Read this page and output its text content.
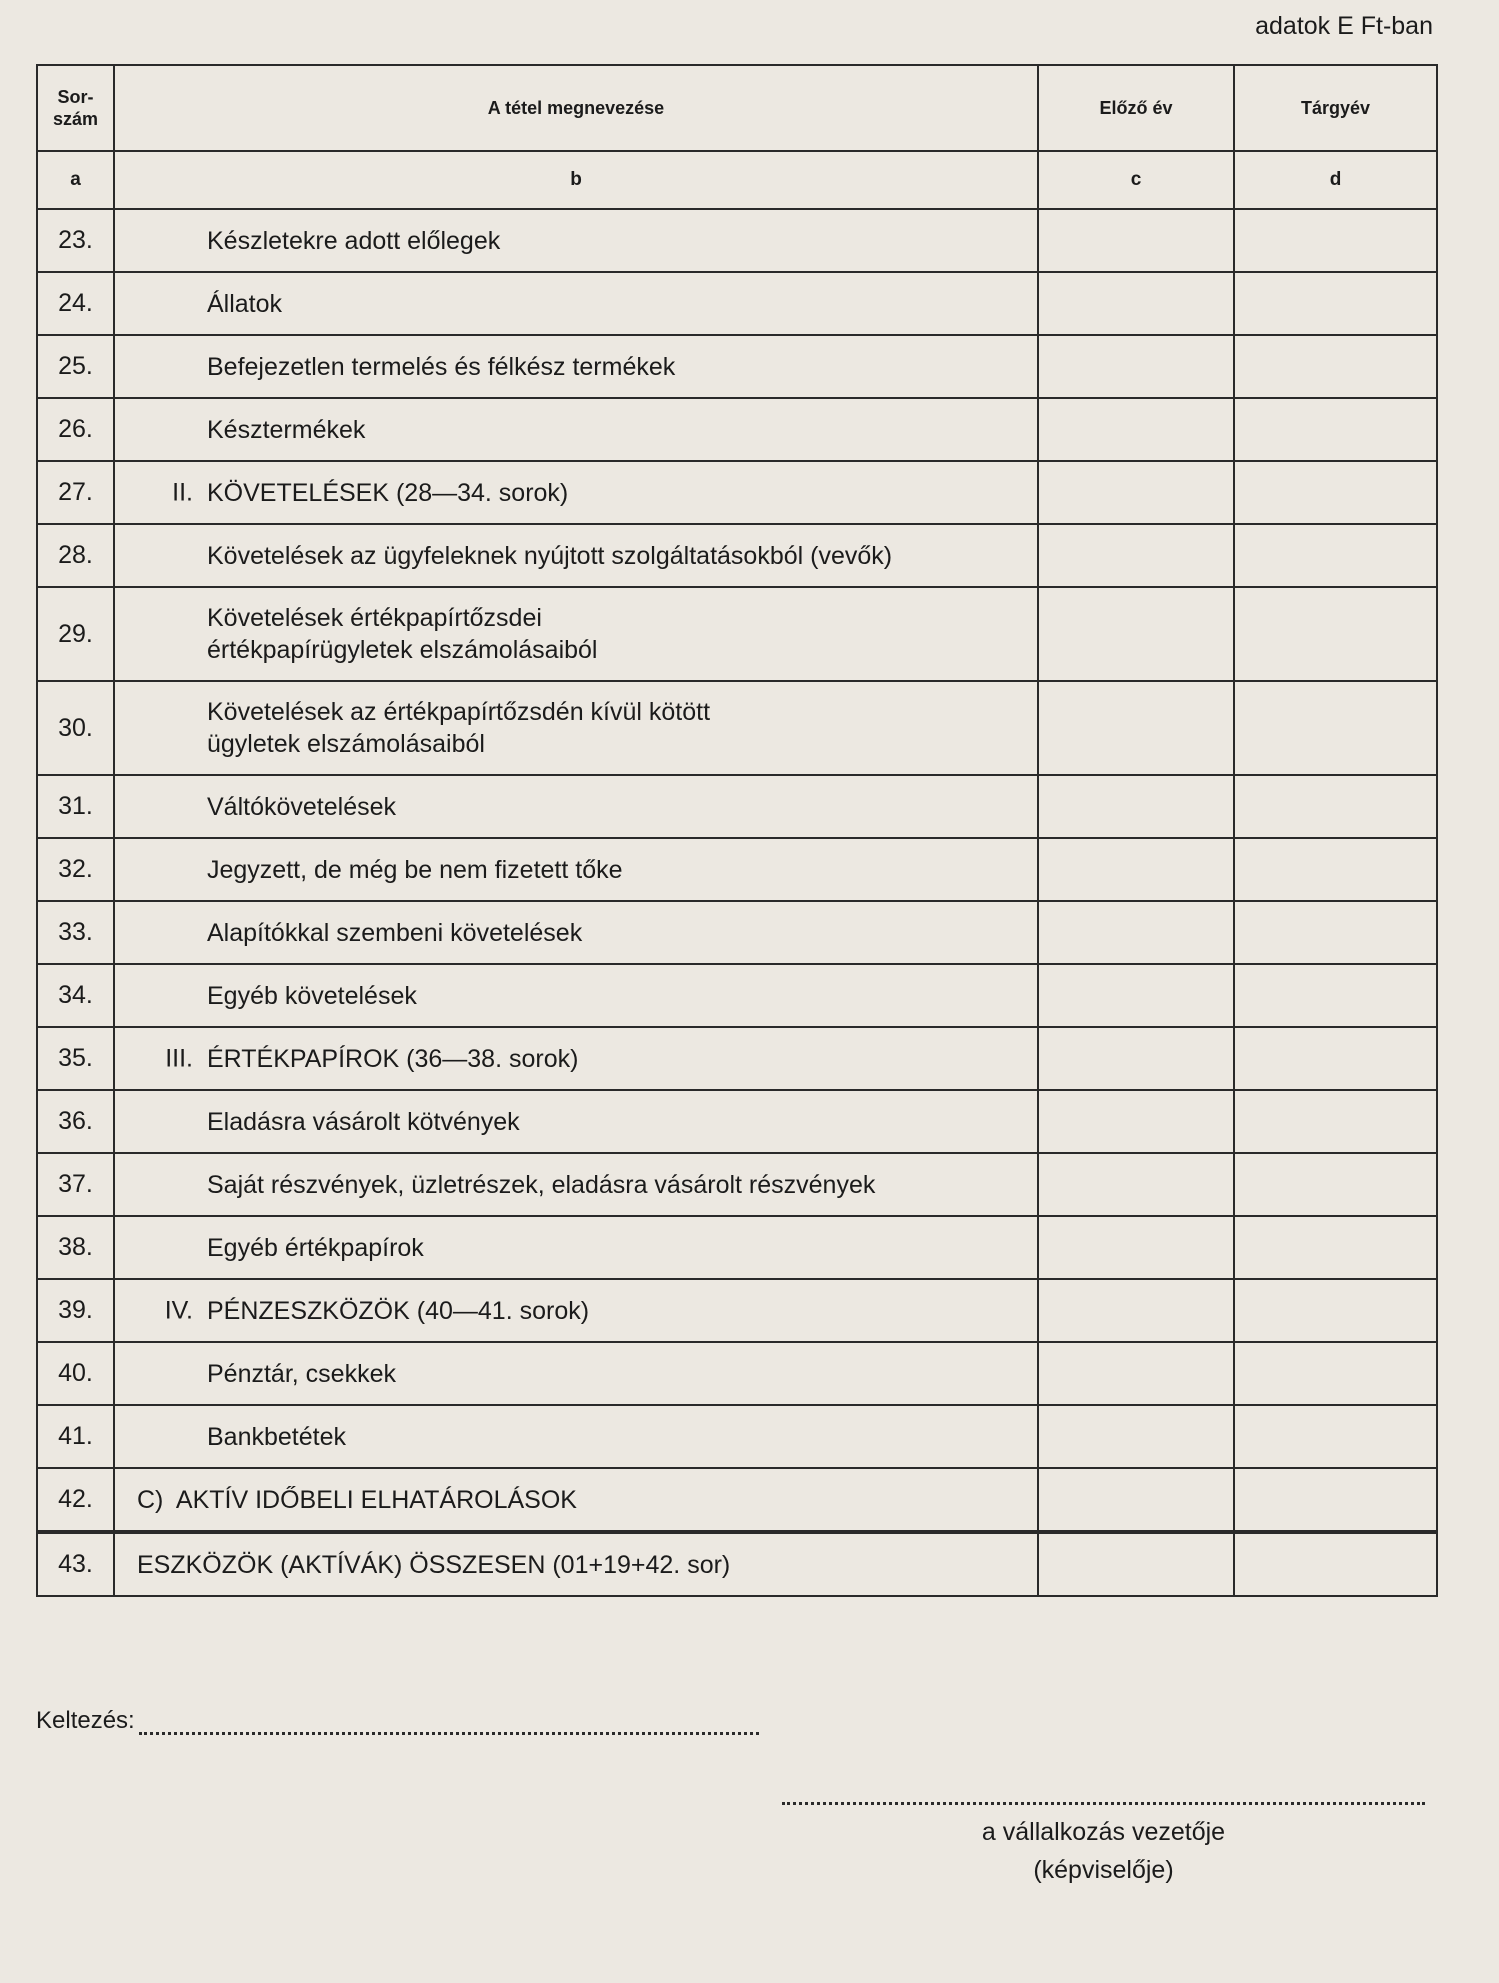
adatok E Ft-ban
Sor-
szám	A tétel megnevezése	Előző év	Tárgyév
a	b	c	d
23.	Készletekre adott előlegek		

24.	Állatok		

25.	Befejezetlen termelés és félkész termékek		

26.	Késztermékek		

27.	II. KÖVETELÉSEK (28—34. sorok)		

28.	Követelések az ügyfeleknek nyújtott szolgáltatásokból (vevők)		

29.	Követelések értékpapírtőzsdei értékpapírügyletek elszámolásaiból		

30.	Követelések az értékpapírtőzsdén kívül kötött ügyletek elszámolásaiból		

31.	Váltókövetelések		

32.	Jegyzett, de még be nem fizetett tőke		

33.	Alapítókkal szembeni követelések		

34.	Egyéb követelések		

35.	III. ÉRTÉKPAPÍROK (36—38. sorok)		

36.	Eladásra vásárolt kötvények		

37.	Saját részvények, üzletrészek, eladásra vásárolt részvények		

38.	Egyéb értékpapírok		

39.	IV. PÉNZESZKÖZÖK (40—41. sorok)		

40.	Pénztár, csekkek		

41.	Bankbetétek		

42.	C)  AKTÍV IDŐBELI ELHATÁROLÁSOK		

43.	ESZKÖZÖK (AKTÍVÁK) ÖSSZESEN (01+19+42. sor)		

Keltezés:
a vállalkozás vezetője
(képviselője)
